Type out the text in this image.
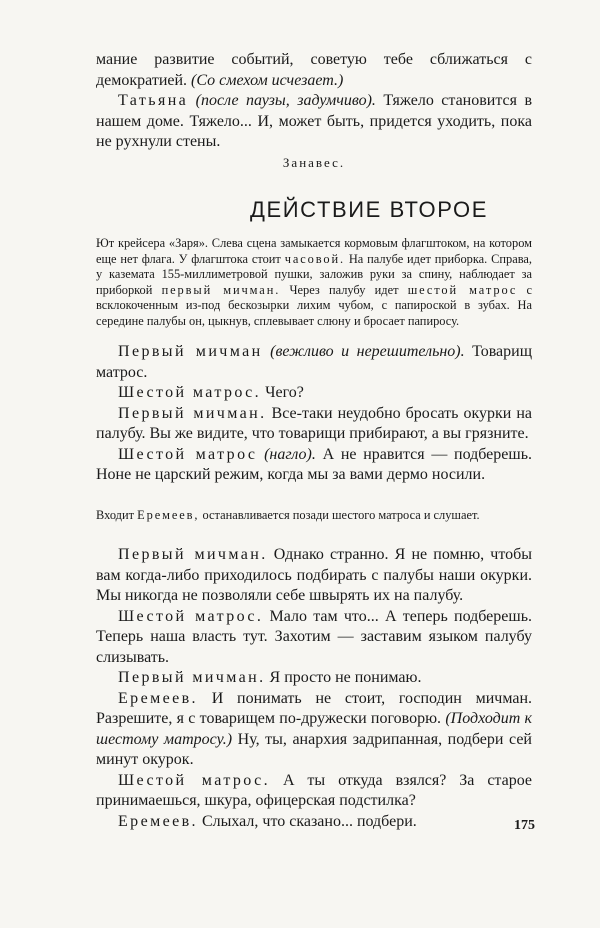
мание развитие событий, советую тебе сближаться с демократией. (Со смехом исчезает.)

Татьяна (после паузы, задумчиво). Тяжело становится в нашем доме. Тяжело... И, может быть, придется уходить, пока не рухнули стены.

Занавес.
ДЕЙСТВИЕ ВТОРОЕ

Ют крейсера «Заря». Слева сцена замыкается кормовым флагштоком, на котором еще нет флага. У флагштока стоит часовой. На палубе идет приборка. Справа, у каземата 155-миллиметровой пушки, заложив руки за спину, наблюдает за приборкой первый мичман. Через палубу идет шестой матрос с всклокоченным из-под бескозырки лихим чубом, с папироской в зубах. На середине палубы он, цыкнув, сплевывает слюну и бросает папиросу.

Первый мичман (вежливо и нерешительно). Товарищ матрос.

Шестой матрос. Чего?

Первый мичман. Все-таки неудобно бросать окурки на палубу. Вы же видите, что товарищи прибирают, а вы грязните.

Шестой матрос (нагло). А не нравится — подберешь. Ноне не царский режим, когда мы за вами дермо носили.

Входит Еремеев, останавливается позади шестого матроса и слушает.

Первый мичман. Однако странно. Я не помню, чтобы вам когда-либо приходилось подбирать с палубы наши окурки. Мы никогда не позволяли себе швырять их на палубу.

Шестой матрос. Мало там что... А теперь подберешь. Теперь наша власть тут. Захотим — заставим языком палубу слизывать.

Первый мичман. Я просто не понимаю.

Еремеев. И понимать не стоит, господин мичман. Разрешите, я с товарищем по-дружески поговорю. (Подходит к шестому матросу.) Ну, ты, анархия задрипанная, подбери сей минут окурок.

Шестой матрос. А ты откуда взялся? За старое принимаешься, шкура, офицерская подстилка?

Еремеев. Слыхал, что сказано... подбери.	175
